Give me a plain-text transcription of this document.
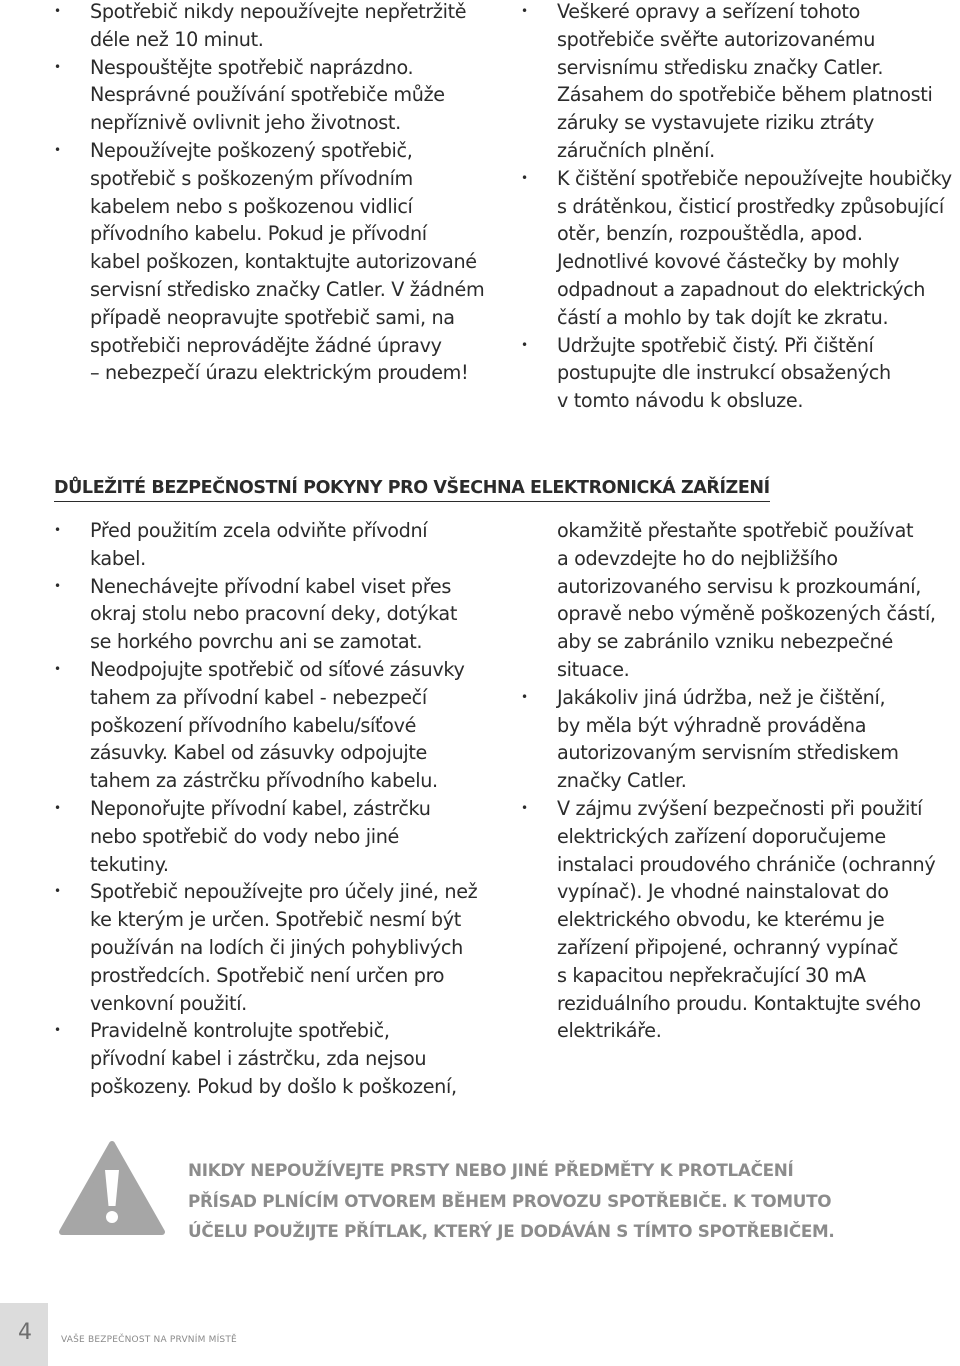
• Spotřebič nikdy nepoužívejte nepřetržitě
déle než 10 minut.
• Nespouštějte spotřebič naprázdno.
Nesprávné používání spotřebiče může
nepříznivě ovlivnit jeho životnost.
• Nepoužívejte poškozený spotřebič,
spotřebič s poškozeným přívodním
kabelem nebo s poškozenou vidlicí
přívodního kabelu. Pokud je přívodní
kabel poškozen, kontaktujte autorizované
servisní středisko značky Catler. V žádném
případě neopravujte spotřebič sami, na
spotřebiči neprovádějte žádné úpravy
– nebezpečí úrazu elektrickým proudem!
• Veškeré opravy a seřízení tohoto
spotřebiče svěřte autorizovanému
servisnímu středisku značky Catler.
Zásahem do spotřebiče během platnosti
záruky se vystavujete riziku ztráty
záručních plnění.
• K čištění spotřebiče nepoužívejte houbičky
s drátěnkou, čisticí prostředky způsobující
otěr, benzín, rozpouštědla, apod.
Jednotlivé kovové částečky by mohly
odpadnout a zapadnout do elektrických
částí a mohlo by tak dojít ke zkratu.
• Udržujte spotřebič čistý. Při čištění
postupujte dle instrukcí obsažených
v tomto návodu k obsluze.
DŮLEŽITÉ BEZPEČNOSTNÍ POKYNY PRO VŠECHNA ELEKTRONICKÁ ZAŘÍZENÍ
• Před použitím zcela odviňte přívodní
kabel.
• Nenechávejte přívodní kabel viset přes
okraj stolu nebo pracovní deky, dotýkat
se horkého povrchu ani se zamotat.
• Neodpojujte spotřebič od síťové zásuvky
tahem za přívodní kabel - nebezpečí
poškození přívodního kabelu/síťové
zásuvky. Kabel od zásuvky odpojujte
tahem za zástrčku přívodního kabelu.
• Neponořujte přívodní kabel, zástrčku
nebo spotřebič do vody nebo jiné
tekutiny.
• Spotřebič nepoužívejte pro účely jiné, než
ke kterým je určen. Spotřebič nesmí být
používán na lodích či jiných pohyblivých
prostředcích. Spotřebič není určen pro
venkovní použití.
• Pravidelně kontrolujte spotřebič,
přívodní kabel i zástrčku, zda nejsou
poškozeny. Pokud by došlo k poškození,
okamžitě přestaňte spotřebič používat
a odevzdejte ho do nejbližšího
autorizovaného servisu k prozkoumání,
opravě nebo výměně poškozených částí,
aby se zabránilo vzniku nebezpečné
situace.
• Jakákoliv jiná údržba, než je čištění,
by měla být výhradně prováděna
autorizovaným servisním střediskem
značky Catler.
• V zájmu zvýšení bezpečnosti při použití
elektrických zařízení doporučujeme
instalaci proudového chrániče (ochranný
vypínač). Je vhodné nainstalovat do
elektrického obvodu, ke kterému je
zařízení připojené, ochranný vypínač
s kapacitou nepřekračující 30 mA
reziduálního proudu. Kontaktujte svého
elektrikáře.

NIKDY NEPOUŽÍVEJTE PRSTY NEBO JINÉ PŘEDMĚTY K PROTLAČENÍ
PŘÍSAD PLNÍCÍM OTVOREM BĚHEM PROVOZU SPOTŘEBIČE. K TOMUTO
ÚČELU POUŽIJTE PŘÍTLAK, KTERÝ JE DODÁVÁN S TÍMTO SPOTŘEBIČEM.

4	VAŠE BEZPEČNOST NA PRVNÍM MÍSTĚ
